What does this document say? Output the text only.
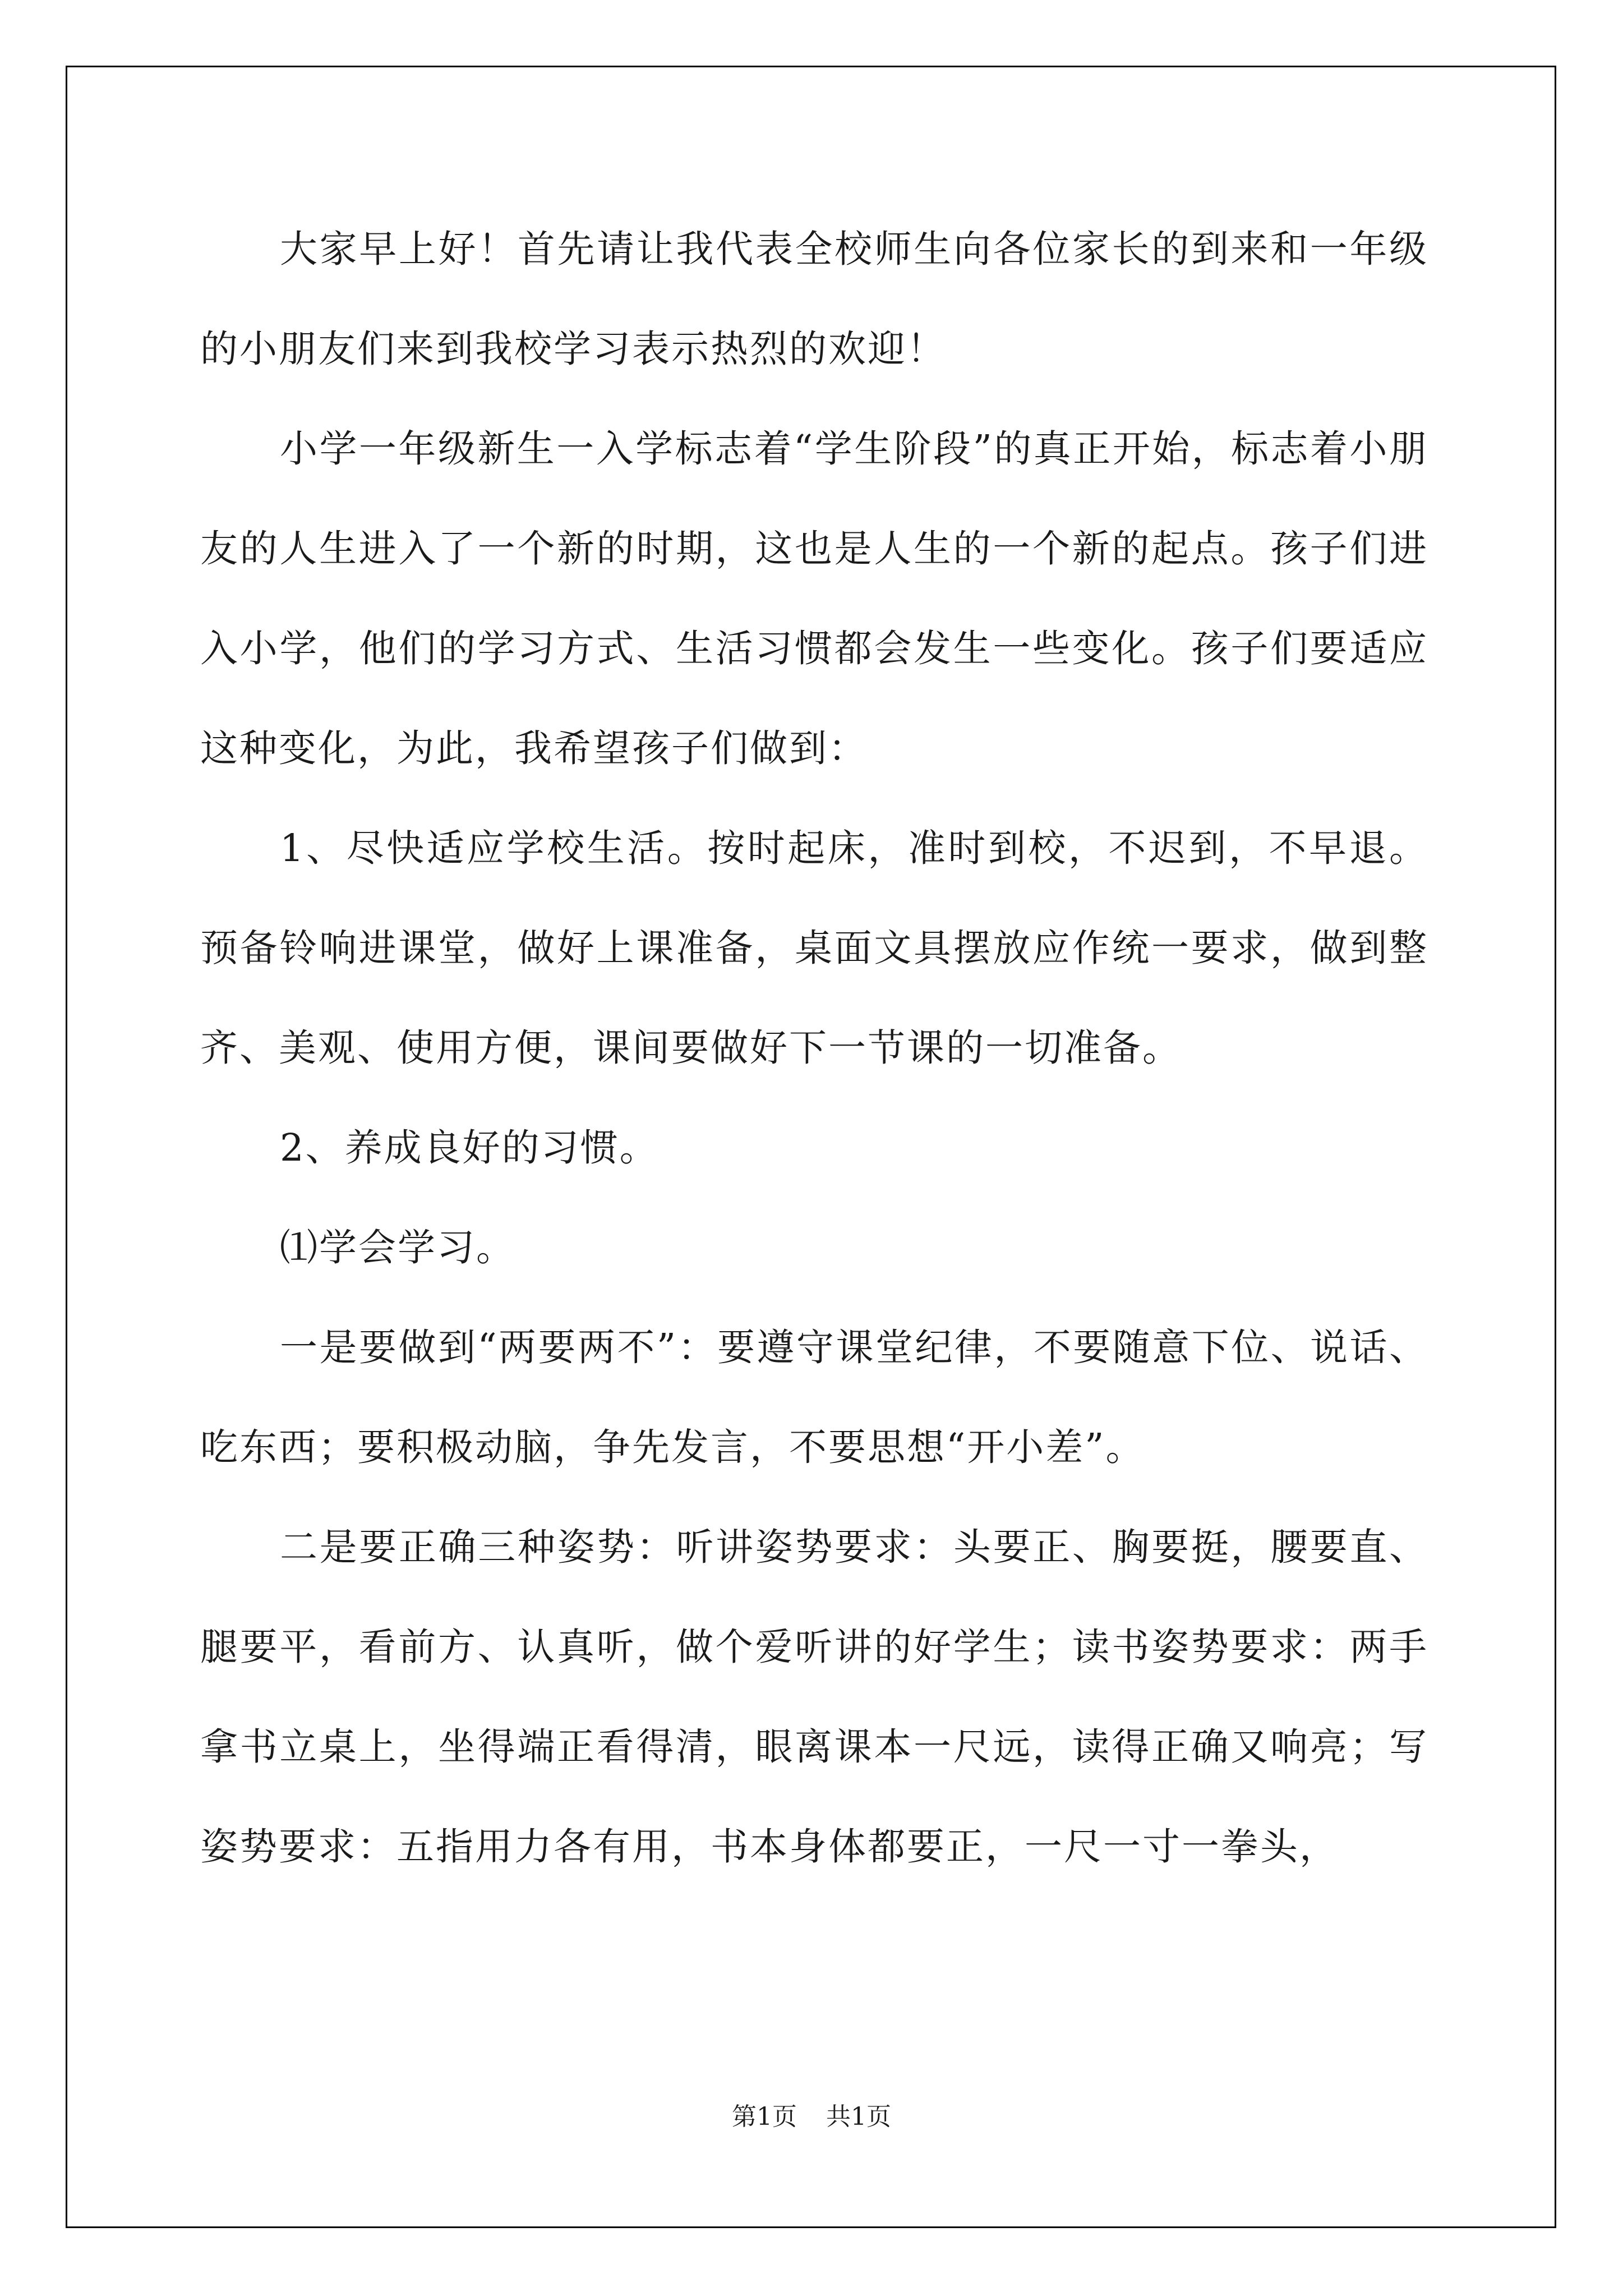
大家早上好！首先请让我代表全校师生向各位家长的到来和一年级的小朋友们来到我校学习表示热烈的欢迎！

小学一年级新生一入学标志着“学生阶段”的真正开始，标志着小朋友的人生进入了一个新的时期，这也是人生的一个新的起点。孩子们进入小学，他们的学习方式、生活习惯都会发生一些变化。孩子们要适应这种变化，为此，我希望孩子们做到：

1、尽快适应学校生活。按时起床，准时到校，不迟到，不早退。预备铃响进课堂，做好上课准备，桌面文具摆放应作统一要求，做到整齐、美观、使用方便，课间要做好下一节课的一切准备。

2、养成良好的习惯。

⑴学会学习。

一是要做到“两要两不”：要遵守课堂纪律，不要随意下位、说话、吃东西；要积极动脑，争先发言，不要思想“开小差”。

二是要正确三种姿势：听讲姿势要求：头要正、胸要挺，腰要直、腿要平，看前方、认真听，做个爱听讲的好学生；读书姿势要求：两手拿书立桌上，坐得端正看得清，眼离课本一尺远，读得正确又响亮；写姿势要求：五指用力各有用，书本身体都要正，一尺一寸一拳头，

第1页 共1页
